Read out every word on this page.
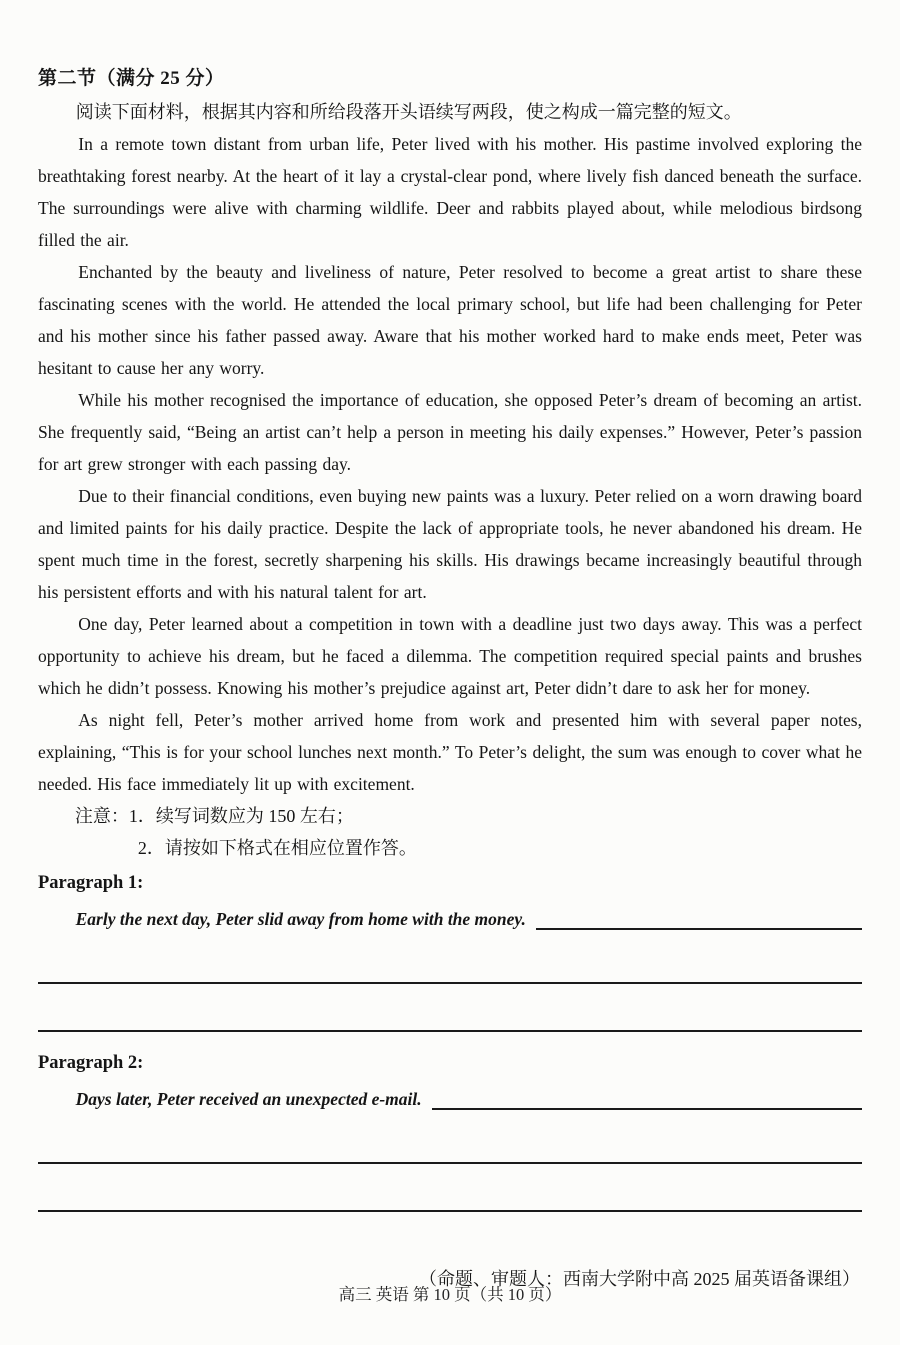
第二节（满分 25 分）

阅读下面材料，根据其内容和所给段落开头语续写两段，使之构成一篇完整的短文。

In a remote town distant from urban life, Peter lived with his mother. His pastime involved exploring the breathtaking forest nearby. At the heart of it lay a crystal-clear pond, where lively fish danced beneath the surface. The surroundings were alive with charming wildlife. Deer and rabbits played about, while melodious birdsong filled the air.

Enchanted by the beauty and liveliness of nature, Peter resolved to become a great artist to share these fascinating scenes with the world. He attended the local primary school, but life had been challenging for Peter and his mother since his father passed away. Aware that his mother worked hard to make ends meet, Peter was hesitant to cause her any worry.

While his mother recognised the importance of education, she opposed Peter’s dream of becoming an artist. She frequently said, “Being an artist can’t help a person in meeting his daily expenses.” However, Peter’s passion for art grew stronger with each passing day.

Due to their financial conditions, even buying new paints was a luxury. Peter relied on a worn drawing board and limited paints for his daily practice. Despite the lack of appropriate tools, he never abandoned his dream. He spent much time in the forest, secretly sharpening his skills. His drawings became increasingly beautiful through his persistent efforts and with his natural talent for art.

One day, Peter learned about a competition in town with a deadline just two days away. This was a perfect opportunity to achieve his dream, but he faced a dilemma. The competition required special paints and brushes which he didn’t possess. Knowing his mother’s prejudice against art, Peter didn’t dare to ask her for money.

As night fell, Peter’s mother arrived home from work and presented him with several paper notes, explaining, “This is for your school lunches next month.” To Peter’s delight, the sum was enough to cover what he needed. His face immediately lit up with excitement.

注意：1．续写词数应为 150 左右；

2．请按如下格式在相应位置作答。

Paragraph 1:

Early the next day, Peter slid away from home with the money.

Paragraph 2:

Days later, Peter received an unexpected e-mail.

（命题、审题人：西南大学附中高 2025 届英语备课组）

高三 英语 第 10 页（共 10 页）
